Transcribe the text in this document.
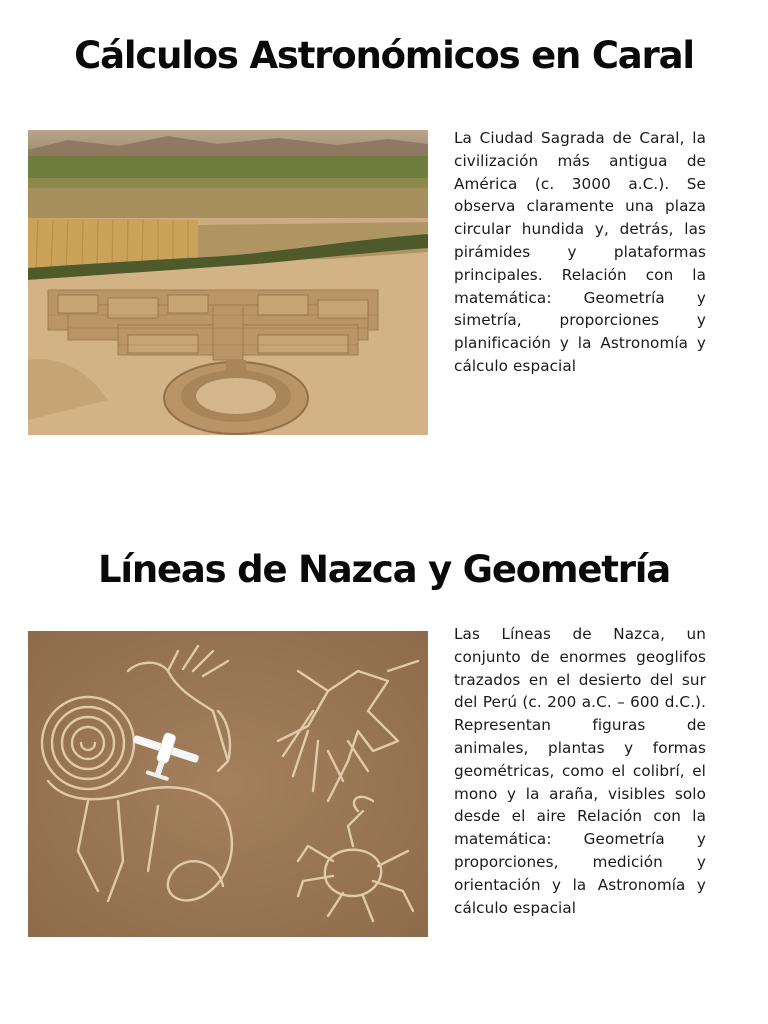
Cálculos Astronómicos en Caral
La Ciudad Sagrada de Caral, la civilización más antigua de América (c. 3000 a.C.). Se observa claramente una plaza circular hundida y, detrás, las pirámides y plataformas principales. Relación con la matemática: Geometría y simetría, proporciones y planificación y la Astronomía y cálculo espacial
Líneas de Nazca y Geometría
Las Líneas de Nazca, un conjunto de enormes geoglifos trazados en el desierto del sur del Perú (c. 200 a.C. – 600 d.C.). Representan figuras de animales, plantas y formas geométricas, como el colibrí, el mono y la araña, visibles solo desde el aire Relación con la matemática: Geometría y proporciones, medición y orientación y la Astronomía y cálculo espacial
